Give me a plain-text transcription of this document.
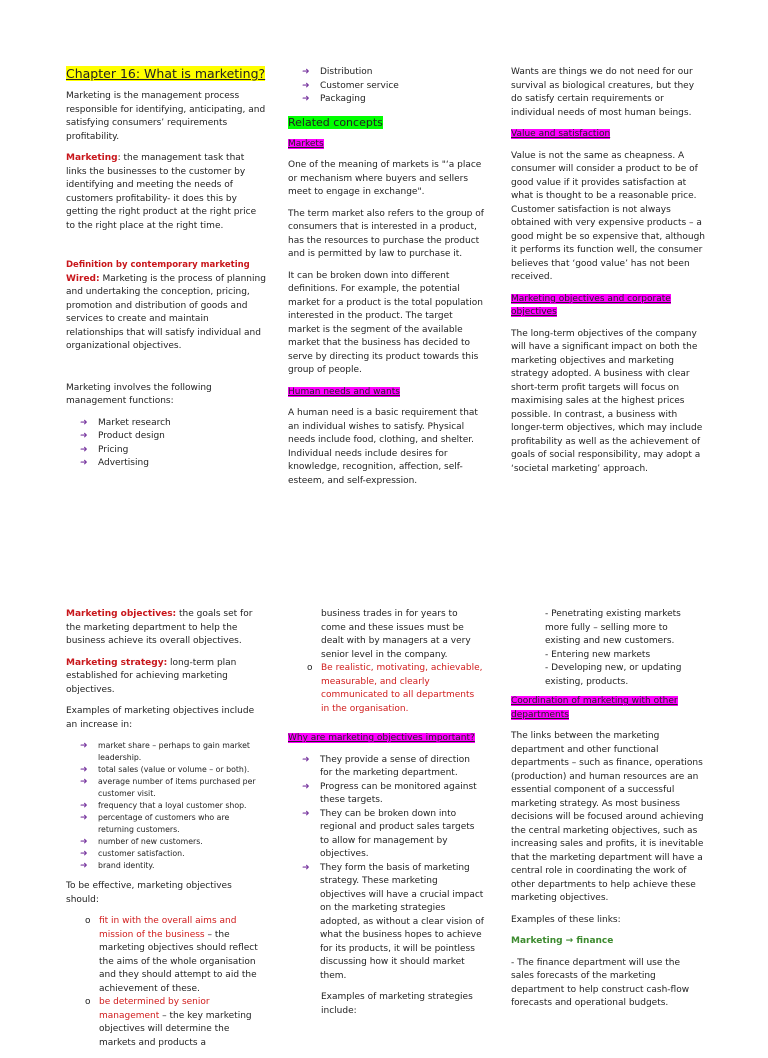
Chapter 16: What is marketing?

Marketing is the management process responsible for identifying, anticipating, and satisfying consumers’ requirements profitability.

Marketing: the management task that links the businesses to the customer by identifying and meeting the needs of customers profitability- it does this by getting the right product at the right price to the right place at the right time.

Definition by contemporary marketing

Wired: Marketing is the process of planning and undertaking the conception, pricing, promotion and distribution of goods and services to create and maintain relationships that will satisfy individual and organizational objectives.

Marketing involves the following management functions:

➜ Market research
➜ Product design
➜ Pricing
➜ Advertising
➜ Distribution
➜ Customer service
➜ Packaging

Related concepts

Markets

One of the meaning of markets is "‘a place or mechanism where buyers and sellers meet to engage in exchange".

The term market also refers to the group of consumers that is interested in a product, has the resources to purchase the product and is permitted by law to purchase it.

It can be broken down into different definitions. For example, the potential market for a product is the total population interested in the product. The target market is the segment of the available market that the business has decided to serve by directing its product towards this group of people.

Human needs and wants

A human need is a basic requirement that an individual wishes to satisfy. Physical needs include food, clothing, and shelter. Individual needs include desires for knowledge, recognition, affection, self-esteem, and self-expression.

Wants are things we do not need for our survival as biological creatures, but they do satisfy certain requirements or individual needs of most human beings.

Value and satisfaction

Value is not the same as cheapness. A consumer will consider a product to be of good value if it provides satisfaction at what is thought to be a reasonable price. Customer satisfaction is not always obtained with very expensive products – a good might be so expensive that, although it performs its function well, the consumer believes that ‘good value’ has not been received.

Marketing objectives and corporate objectives

The long-term objectives of the company will have a significant impact on both the marketing objectives and marketing strategy adopted. A business with clear short-term profit targets will focus on maximising sales at the highest prices possible. In contrast, a business with longer-term objectives, which may include profitability as well as the achievement of goals of social responsibility, may adopt a ‘societal marketing’ approach.

Marketing objectives: the goals set for the marketing department to help the business achieve its overall objectives.

Marketing strategy: long-term plan established for achieving marketing objectives.

Examples of marketing objectives include an increase in:

➜ market share – perhaps to gain market leadership.
➜ total sales (value or volume – or both).
➜ average number of items purchased per customer visit.
➜ frequency that a loyal customer shop.
➜ percentage of customers who are returning customers.
➜ number of new customers.
➜ customer satisfaction.
➜ brand identity.

To be effective, marketing objectives should:

o fit in with the overall aims and mission of the business – the marketing objectives should reflect the aims of the whole organisation and they should attempt to aid the achievement of these.
o be determined by senior management – the key marketing objectives will determine the markets and products a

business trades in for years to come and these issues must be dealt with by managers at a very senior level in the company.

o Be realistic, motivating, achievable, measurable, and clearly communicated to all departments in the organisation.

Why are marketing objectives important?

➜ They provide a sense of direction for the marketing department.
➜ Progress can be monitored against these targets.
➜ They can be broken down into regional and product sales targets to allow for management by objectives.
➜ They form the basis of marketing strategy. These marketing objectives will have a crucial impact on the marketing strategies adopted, as without a clear vision of what the business hopes to achieve for its products, it will be pointless discussing how it should market them.

Examples of marketing strategies include:

- Penetrating existing markets more fully – selling more to existing and new customers.
- Entering new markets
- Developing new, or updating existing, products.

Coordination of marketing with other departments

The links between the marketing department and other functional departments – such as finance, operations (production) and human resources are an essential component of a successful marketing strategy. As most business decisions will be focused around achieving the central marketing objectives, such as increasing sales and profits, it is inevitable that the marketing department will have a central role in coordinating the work of other departments to help achieve these marketing objectives.

Examples of these links:

Marketing → finance

- The finance department will use the sales forecasts of the marketing department to help construct cash-flow forecasts and operational budgets.
